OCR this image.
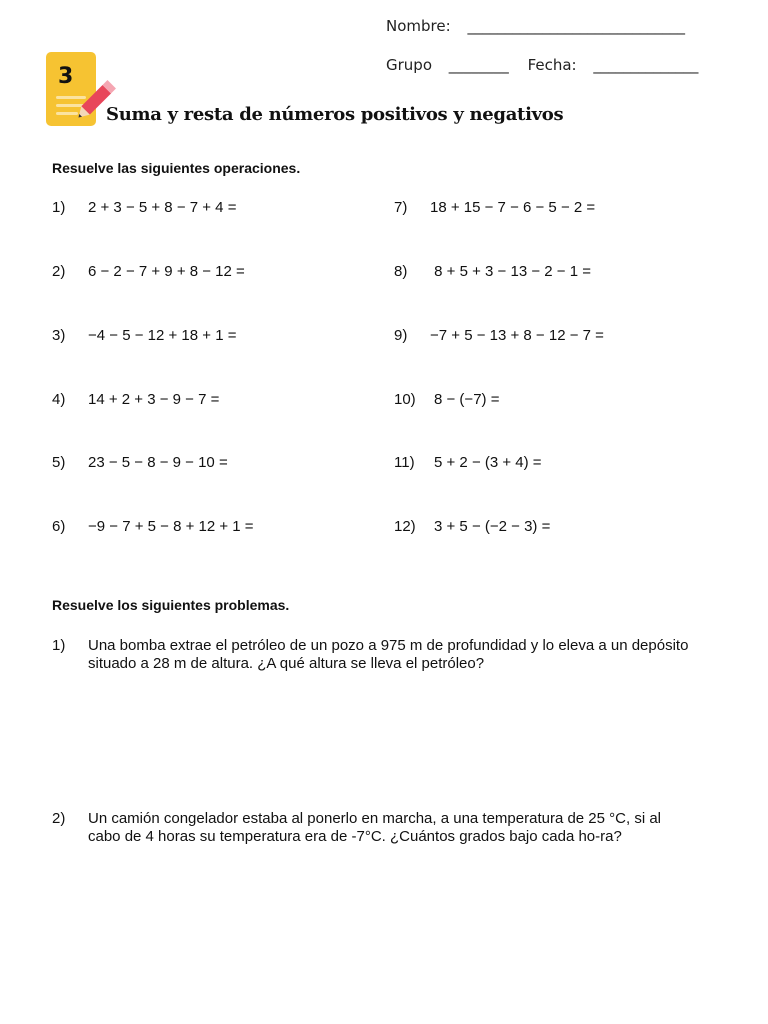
Nombre: _____________________________
Grupo ________ Fecha: ______________
3
Suma y resta de números positivos y negativos
Resuelve las siguientes operaciones.
1) 2 + 3 − 5 + 8 − 7 + 4 =
2) 6 − 2 − 7 + 9 + 8 − 12 =
3) −4 − 5 − 12 + 18 + 1 =
4) 14 + 2 + 3 − 9 − 7 =
5) 23 − 5 − 8 − 9 − 10 =
6) −9 − 7 + 5 − 8 + 12 + 1 =
7) 18 + 15 − 7 − 6 − 5 − 2 =
8) 8 + 5 + 3 − 13 − 2 − 1 =
9) −7 + 5 − 13 + 8 − 12 − 7 =
10) 8 − (−7) =
11) 5 + 2 − (3 + 4) =
12) 3 + 5 − (−2 − 3) =
Resuelve los siguientes problemas.
1) Una bomba extrae el petróleo de un pozo a 975 m de profundidad y lo eleva a un depósito situado a 28 m de altura. ¿A qué altura se lleva el petróleo?
2) Un camión congelador estaba al ponerlo en marcha, a una temperatura de 25 °C, si al cabo de 4 horas su temperatura era de -7°C. ¿Cuántos grados bajo cada ho-ra?
